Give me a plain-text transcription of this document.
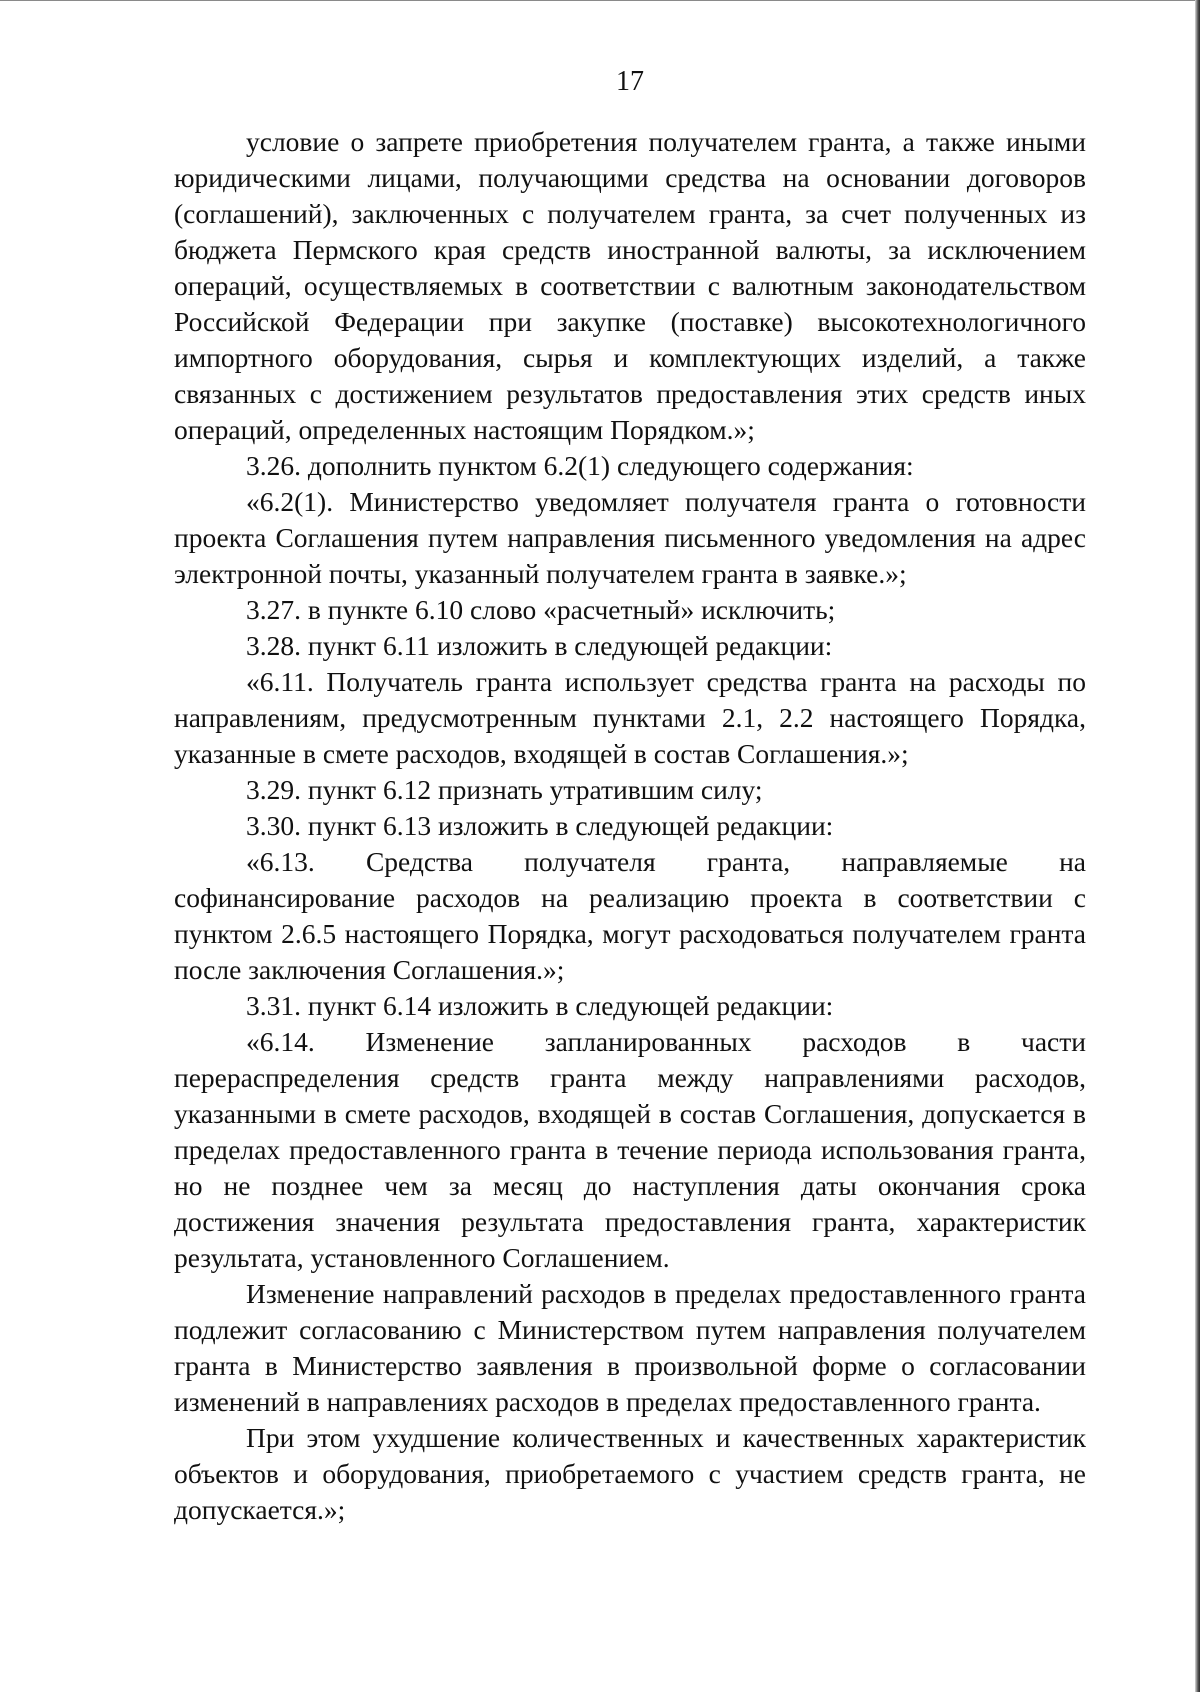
17

условие о запрете приобретения получателем гранта, а также иными юридическими лицами, получающими средства на основании договоров (соглашений), заключенных с получателем гранта, за счет полученных из бюджета Пермского края средств иностранной валюты, за исключением операций, осуществляемых в соответствии с валютным законодательством Российской Федерации при закупке (поставке) высокотехнологичного импортного оборудования, сырья и комплектующих изделий, а также связанных с достижением результатов предоставления этих средств иных операций, определенных настоящим Порядком.»;

3.26. дополнить пунктом 6.2(1) следующего содержания:

«6.2(1). Министерство уведомляет получателя гранта о готовности проекта Соглашения путем направления письменного уведомления на адрес электронной почты, указанный получателем гранта в заявке.»;

3.27. в пункте 6.10 слово «расчетный» исключить;

3.28. пункт 6.11 изложить в следующей редакции:

«6.11. Получатель гранта использует средства гранта на расходы по направлениям, предусмотренным пунктами 2.1, 2.2 настоящего Порядка, указанные в смете расходов, входящей в состав Соглашения.»;

3.29. пункт 6.12 признать утратившим силу;

3.30. пункт 6.13 изложить в следующей редакции:

«6.13. Средства получателя гранта, направляемые на софинансирование расходов на реализацию проекта в соответствии с пунктом 2.6.5 настоящего Порядка, могут расходоваться получателем гранта после заключения Соглашения.»;

3.31. пункт 6.14 изложить в следующей редакции:

«6.14. Изменение запланированных расходов в части перераспределения средств гранта между направлениями расходов, указанными в смете расходов, входящей в состав Соглашения, допускается в пределах предоставленного гранта в течение периода использования гранта, но не позднее чем за месяц до наступления даты окончания срока достижения значения результата предоставления гранта, характеристик результата, установленного Соглашением.

Изменение направлений расходов в пределах предоставленного гранта подлежит согласованию с Министерством путем направления получателем гранта в Министерство заявления в произвольной форме о согласовании изменений в направлениях расходов в пределах предоставленного гранта.

При этом ухудшение количественных и качественных характеристик объектов и оборудования, приобретаемого с участием средств гранта, не допускается.»;
